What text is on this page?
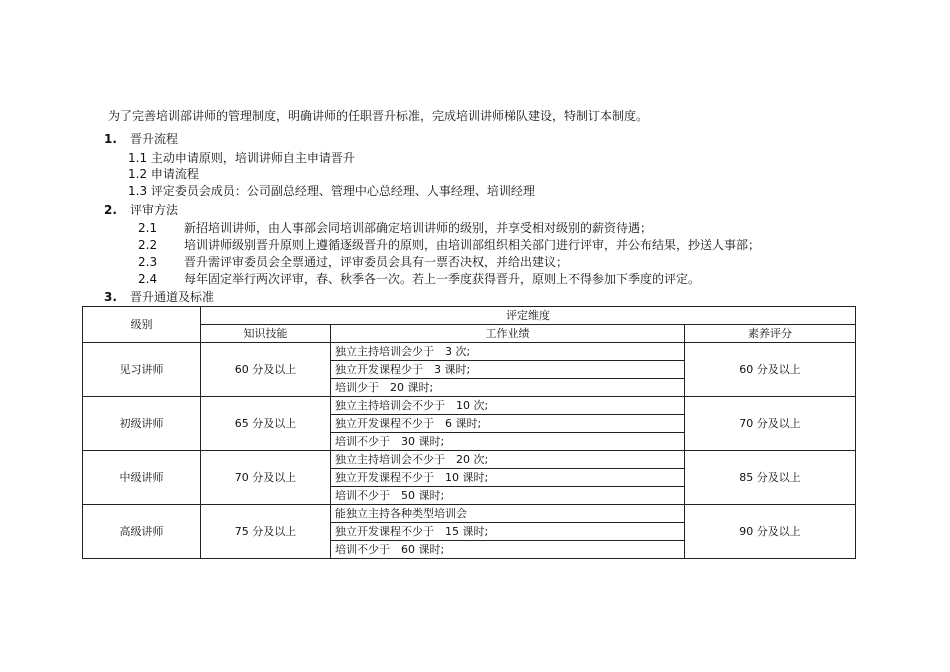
为了完善培训部讲师的管理制度，明确讲师的任职晋升标准，完成培训讲师梯队建设，特制订本制度。
1. 晋升流程
1.1 主动申请原则，培训讲师自主申请晋升
1.2 申请流程
1.3 评定委员会成员：公司副总经理、管理中心总经理、人事经理、培训经理
2. 评审方法
2.1 新招培训讲师，由人事部会同培训部确定培训讲师的级别，并享受相对级别的薪资待遇；
2.2 培训讲师级别晋升原则上遵循逐级晋升的原则，由培训部组织相关部门进行评审，并公布结果，抄送人事部；
2.3 晋升需评审委员会全票通过，评审委员会具有一票否决权，并给出建议；
2.4 每年固定举行两次评审，春、秋季各一次。若上一季度获得晋升，原则上不得参加下季度的评定。
3. 晋升通道及标准
级别	评定维度		
	知识技能	工作业绩	素养评分
见习讲师	60 分及以上	独立主持培训会少于　3 次;	60 分及以上
		独立开发课程少于　3 课时;	
		培训少于　20 课时;	
初级讲师	65 分及以上	独立主持培训会不少于　10 次;	70 分及以上
		独立开发课程不少于　6 课时;	
		培训不少于　30 课时;	
中级讲师	70 分及以上	独立主持培训会不少于　20 次;	85 分及以上
		独立开发课程不少于　10 课时;	
		培训不少于　50 课时;	
高级讲师	75 分及以上	能独立主持各种类型培训会	90 分及以上
		独立开发课程不少于　15 课时;	
		培训不少于　60 课时;	
